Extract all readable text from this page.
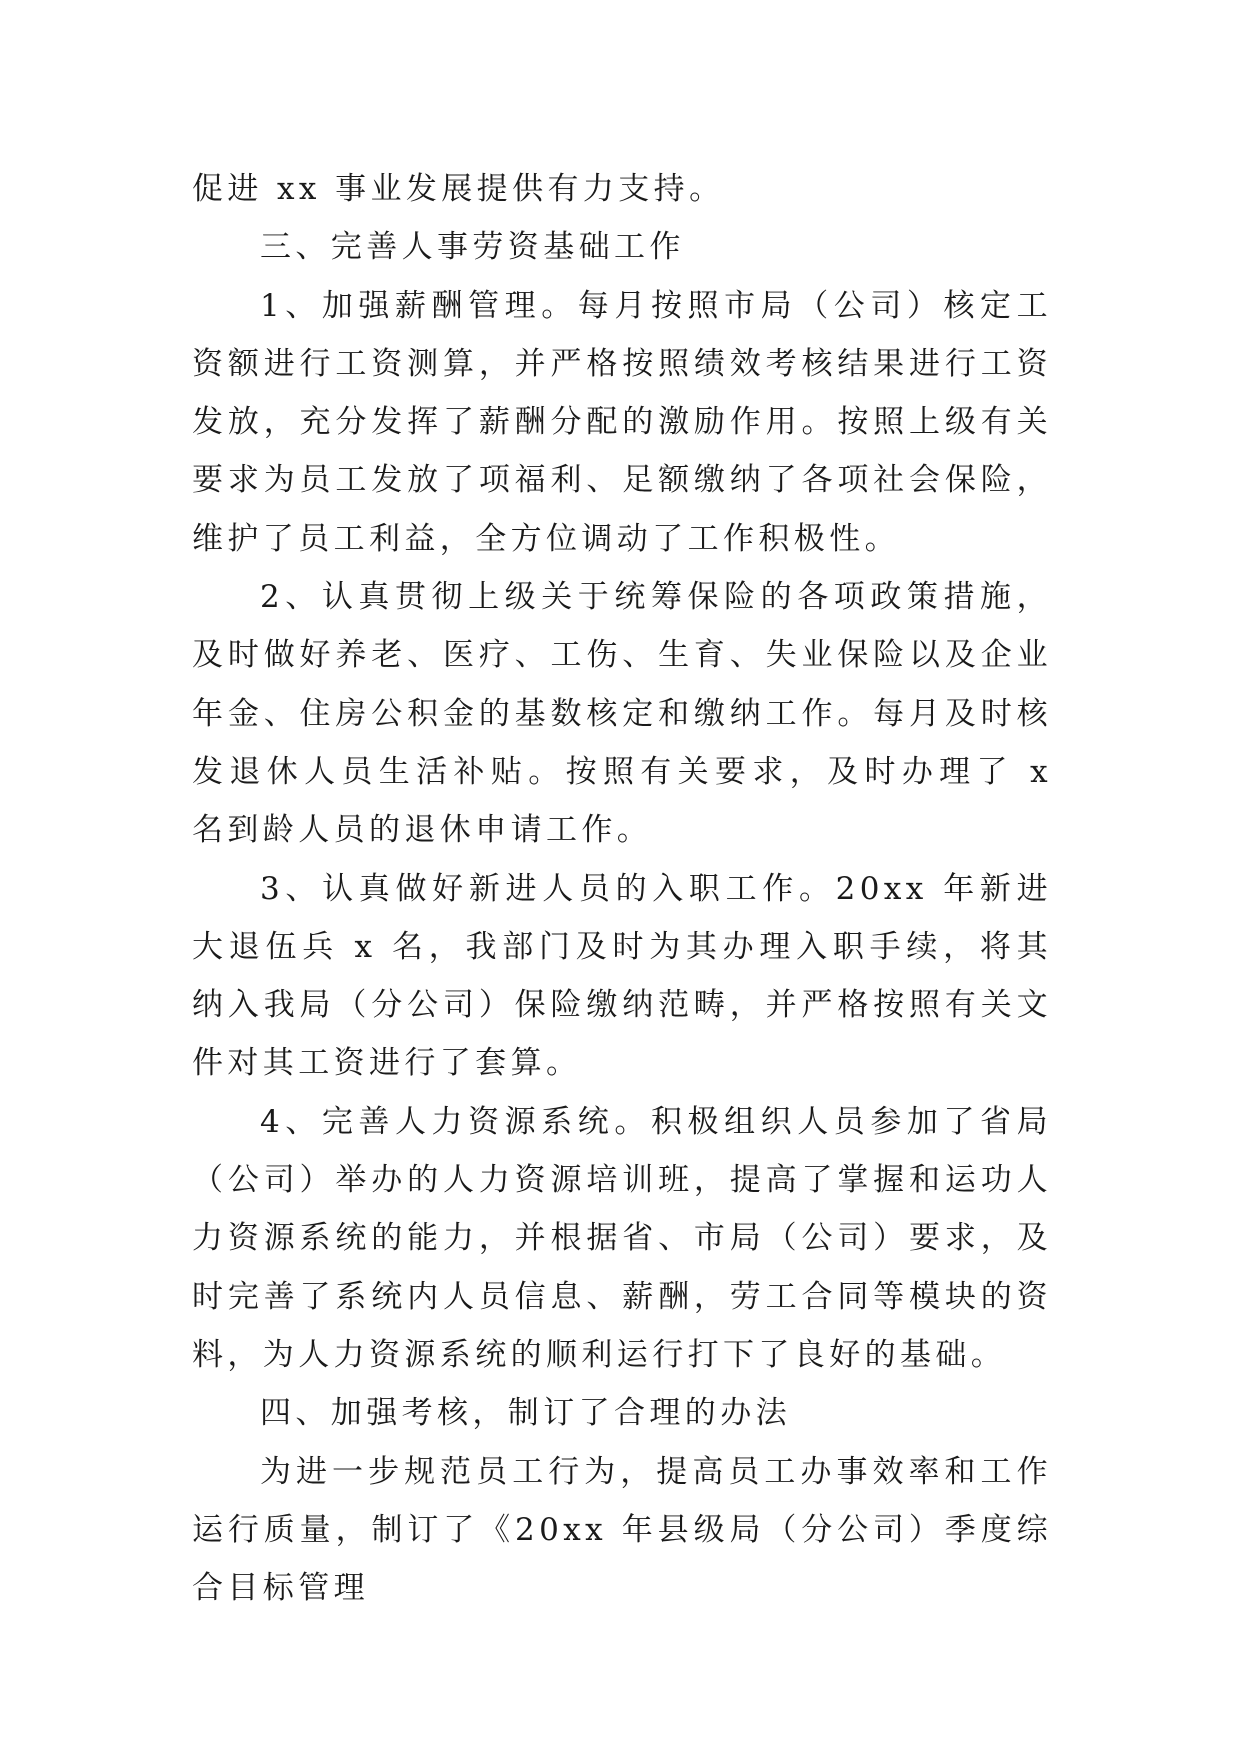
促进 xx 事业发展提供有力支持。

三、完善人事劳资基础工作

1、加强薪酬管理。每月按照市局（公司）核定工资额进行工资测算，并严格按照绩效考核结果进行工资发放，充分发挥了薪酬分配的激励作用。按照上级有关要求为员工发放了项福利、足额缴纳了各项社会保险，维护了员工利益，全方位调动了工作积极性。

2、认真贯彻上级关于统筹保险的各项政策措施，及时做好养老、医疗、工伤、生育、失业保险以及企业年金、住房公积金的基数核定和缴纳工作。每月及时核发退休人员生活补贴。按照有关要求，及时办理了 x 名到龄人员的退休申请工作。

3、认真做好新进人员的入职工作。20xx 年新进大退伍兵 x 名，我部门及时为其办理入职手续，将其纳入我局（分公司）保险缴纳范畴，并严格按照有关文件对其工资进行了套算。

4、完善人力资源系统。积极组织人员参加了省局（公司）举办的人力资源培训班，提高了掌握和运功人力资源系统的能力，并根据省、市局（公司）要求，及时完善了系统内人员信息、薪酬，劳工合同等模块的资料，为人力资源系统的顺利运行打下了良好的基础。

四、加强考核，制订了合理的办法

为进一步规范员工行为，提高员工办事效率和工作运行质量，制订了《20xx 年县级局（分公司）季度综合目标管理
